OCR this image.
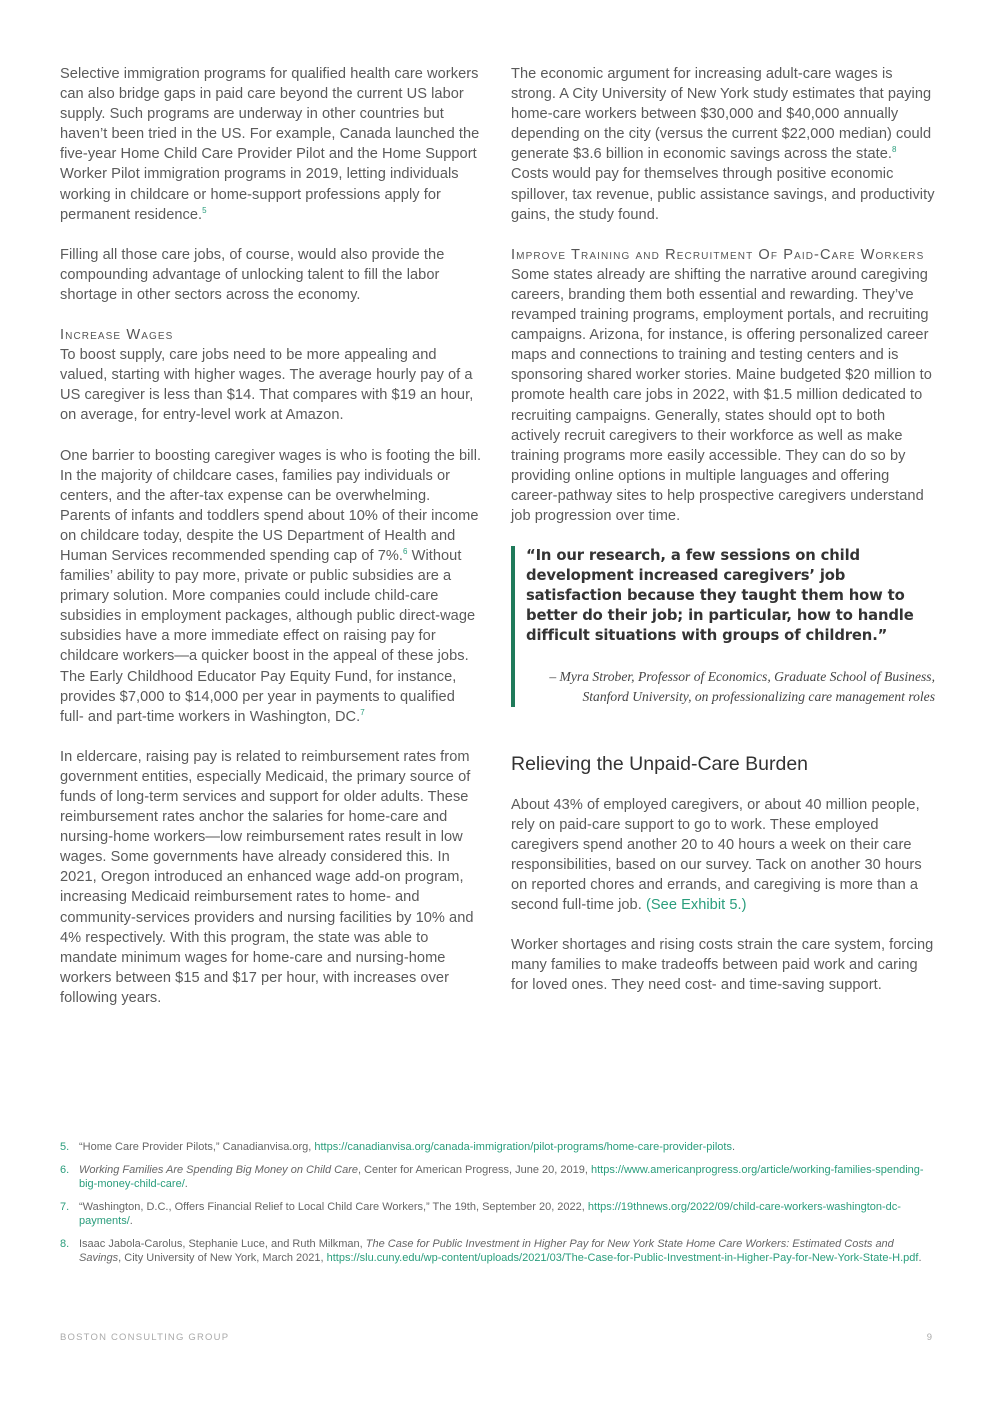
Selective immigration programs for qualified health care workers can also bridge gaps in paid care beyond the current US labor supply. Such programs are underway in other countries but haven’t been tried in the US. For example, Canada launched the five-year Home Child Care Provider Pilot and the Home Support Worker Pilot immigration programs in 2019, letting individuals working in childcare or home-support professions apply for permanent residence.$^5$

Filling all those care jobs, of course, would also provide the compounding advantage of unlocking talent to fill the labor shortage in other sectors across the economy.

Increase Wages

To boost supply, care jobs need to be more appealing and valued, starting with higher wages. The average hourly pay of a US caregiver is less than $14. That compares with $19 an hour, on average, for entry-level work at Amazon.

One barrier to boosting caregiver wages is who is footing the bill. In the majority of childcare cases, families pay individuals or centers, and the after-tax expense can be overwhelming. Parents of infants and toddlers spend about 10% of their income on childcare today, despite the US Department of Health and Human Services recommended spending cap of 7%.$^6$ Without families’ ability to pay more, private or public subsidies are a primary solution. More companies could include child-care subsidies in employment packages, although public direct-wage subsidies have a more immediate effect on raising pay for childcare workers—a quicker boost in the appeal of these jobs. The Early Childhood Educator Pay Equity Fund, for instance, provides $7,000 to $14,000 per year in payments to qualified full- and part-time workers in Washington, DC.$^7$

In eldercare, raising pay is related to reimbursement rates from government entities, especially Medicaid, the primary source of funds of long-term services and support for older adults. These reimbursement rates anchor the salaries for home-care and nursing-home workers—low reimbursement rates result in low wages. Some governments have already considered this. In 2021, Oregon introduced an enhanced wage add-on program, increasing Medicaid reimbursement rates to home- and community-services providers and nursing facilities by 10% and 4% respectively. With this program, the state was able to mandate minimum wages for home-care and nursing-home workers between $15 and $17 per hour, with increases over following years.

The economic argument for increasing adult-care wages is strong. A City University of New York study estimates that paying home-care workers between $30,000 and $40,000 annually depending on the city (versus the current $22,000 median) could generate $3.6 billion in economic savings across the state.$^8$ Costs would pay for themselves through positive economic spillover, tax revenue, public assistance savings, and productivity gains, the study found.

Improve Training and Recruitment Of Paid-Care Workers

Some states already are shifting the narrative around caregiving careers, branding them both essential and rewarding. They’ve revamped training programs, employment portals, and recruiting campaigns. Arizona, for instance, is offering personalized career maps and connections to training and testing centers and is sponsoring shared worker stories. Maine budgeted $20 million to promote health care jobs in 2022, with $1.5 million dedicated to recruiting campaigns. Generally, states should opt to both actively recruit caregivers to their workforce as well as make training programs more easily accessible. They can do so by providing online options in multiple languages and offering career-pathway sites to help prospective caregivers understand job progression over time.

“In our research, a few sessions on child development increased caregivers’ job satisfaction because they taught them how to better do their job; in particular, how to handle difficult situations with groups of children.”

– Myra Strober, Professor of Economics, Graduate School of Business, Stanford University, on professionalizing care management roles

Relieving the Unpaid-Care Burden

About 43% of employed caregivers, or about 40 million people, rely on paid-care support to go to work. These employed caregivers spend another 20 to 40 hours a week on their care responsibilities, based on our survey. Tack on another 30 hours on reported chores and errands, and caregiving is more than a second full-time job. (See Exhibit 5.)

Worker shortages and rising costs strain the care system, forcing many families to make tradeoffs between paid work and caring for loved ones. They need cost- and time-saving support.

5. “Home Care Provider Pilots,” Canadianvisa.org, https://canadianvisa.org/canada-immigration/pilot-programs/home-care-provider-pilots.
6. Working Families Are Spending Big Money on Child Care, Center for American Progress, June 20, 2019, https://www.americanprogress.org/article/working-families-spending-big-money-child-care/.
7. “Washington, D.C., Offers Financial Relief to Local Child Care Workers,” The 19th, September 20, 2022, https://19thnews.org/2022/09/child-care-workers-washington-dc-payments/.
8. Isaac Jabola-Carolus, Stephanie Luce, and Ruth Milkman, The Case for Public Investment in Higher Pay for New York State Home Care Workers: Estimated Costs and Savings, City University of New York, March 2021, https://slu.cuny.edu/wp-content/uploads/2021/03/The-Case-for-Public-Investment-in-Higher-Pay-for-New-York-State-H.pdf.
BOSTON CONSULTING GROUP	9
